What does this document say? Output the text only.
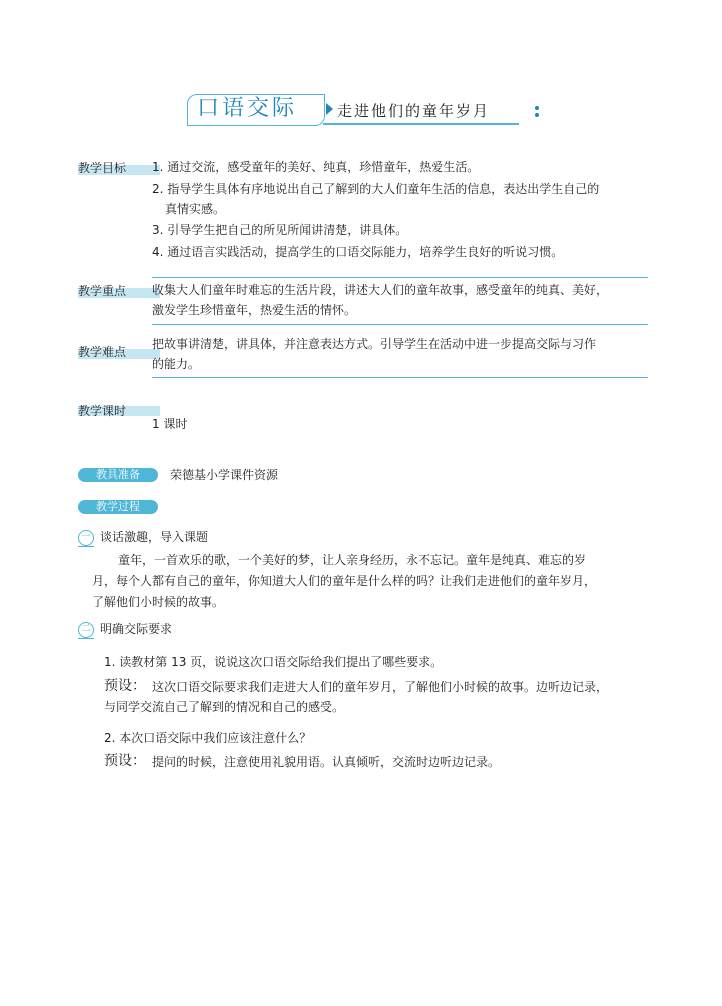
口语交际	走进他们的童年岁月
教学目标 1. 通过交流，感受童年的美好、纯真，珍惜童年，热爱生活。
2. 指导学生具体有序地说出自己了解到的大人们童年生活的信息，表达出学生自己的
真情实感。
3. 引导学生把自己的所见所闻讲清楚，讲具体。
4. 通过语言实践活动，提高学生的口语交际能力，培养学生良好的听说习惯。
教学重点 收集大人们童年时难忘的生活片段，讲述大人们的童年故事，感受童年的纯真、美好，
激发学生珍惜童年，热爱生活的情怀。
教学难点
把故事讲清楚，讲具体，并注意表达方式。引导学生在活动中进一步提高交际与习作
的能力。
教学课时
1 课时
教具准备	荣德基小学课件资源
教学过程
一 谈话激趣，导入课题
童年，一首欢乐的歌，一个美好的梦，让人亲身经历，永不忘记。童年是纯真、难忘的岁
月，每个人都有自己的童年，你知道大人们的童年是什么样的吗？让我们走进他们的童年岁月，
了解他们小时候的故事。
二 明确交际要求
1. 读教材第 13 页，说说这次口语交际给我们提出了哪些要求。
预设： 这次口语交际要求我们走进大人们的童年岁月，了解他们小时候的故事。边听边记录，
与同学交流自己了解到的情况和自己的感受。
2. 本次口语交际中我们应该注意什么？
预设： 提问的时候，注意使用礼貌用语。认真倾听，交流时边听边记录。
